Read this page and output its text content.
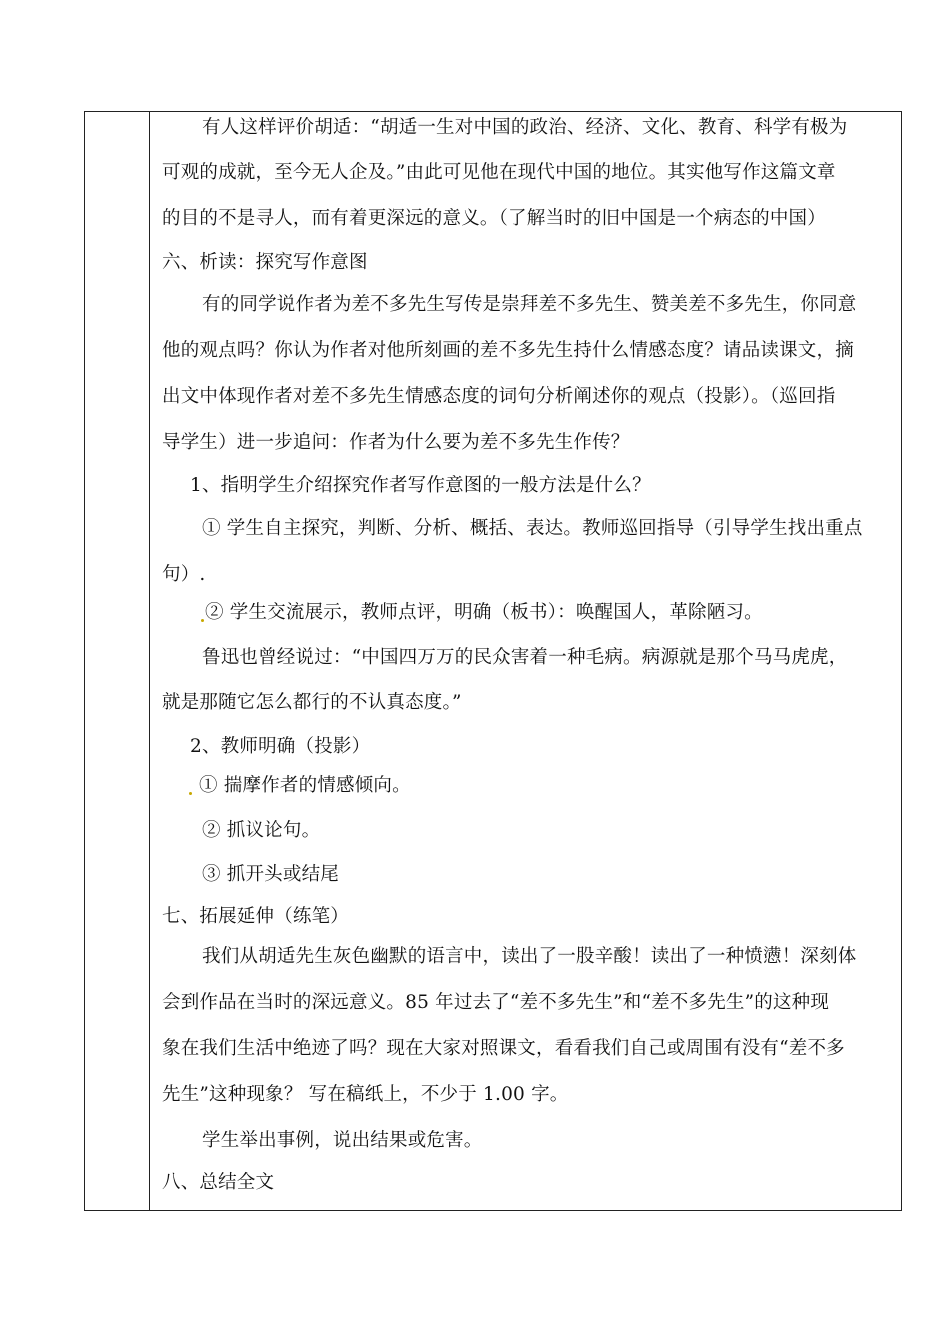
有人这样评价胡适：“胡适一生对中国的政治、经济、文化、教育、科学有极为
可观的成就，至今无人企及。”由此可见他在现代中国的地位。其实他写作这篇文章
的目的不是寻人，而有着更深远的意义。（了解当时的旧中国是一个病态的中国）
六、析读：探究写作意图
有的同学说作者为差不多先生写传是崇拜差不多先生、赞美差不多先生，你同意
他的观点吗？你认为作者对他所刻画的差不多先生持什么情感态度？请品读课文，摘
出文中体现作者对差不多先生情感态度的词句分析阐述你的观点（投影）。（巡回指
导学生）进一步追问：作者为什么要为差不多先生作传？
1、指明学生介绍探究作者写作意图的一般方法是什么？
① 学生自主探究，判断、分析、概括、表达。教师巡回指导（引导学生找出重点
句）.
② 学生交流展示，教师点评，明确（板书）：唤醒国人，革除陋习。
鲁迅也曾经说过：“中国四万万的民众害着一种毛病。病源就是那个马马虎虎，
就是那随它怎么都行的不认真态度。”
2、教师明确（投影）
① 揣摩作者的情感倾向。
② 抓议论句。
③ 抓开头或结尾
七、拓展延伸（练笔）
我们从胡适先生灰色幽默的语言中，读出了一股辛酸！读出了一种愤懑！深刻体
会到作品在当时的深远意义。85 年过去了“差不多先生”和“差不多先生”的这种现
象在我们生活中绝迹了吗？现在大家对照课文，看看我们自己或周围有没有“差不多
先生”这种现象？ 写在稿纸上，不少于 1.00 字。
学生举出事例，说出结果或危害。
八、总结全文
